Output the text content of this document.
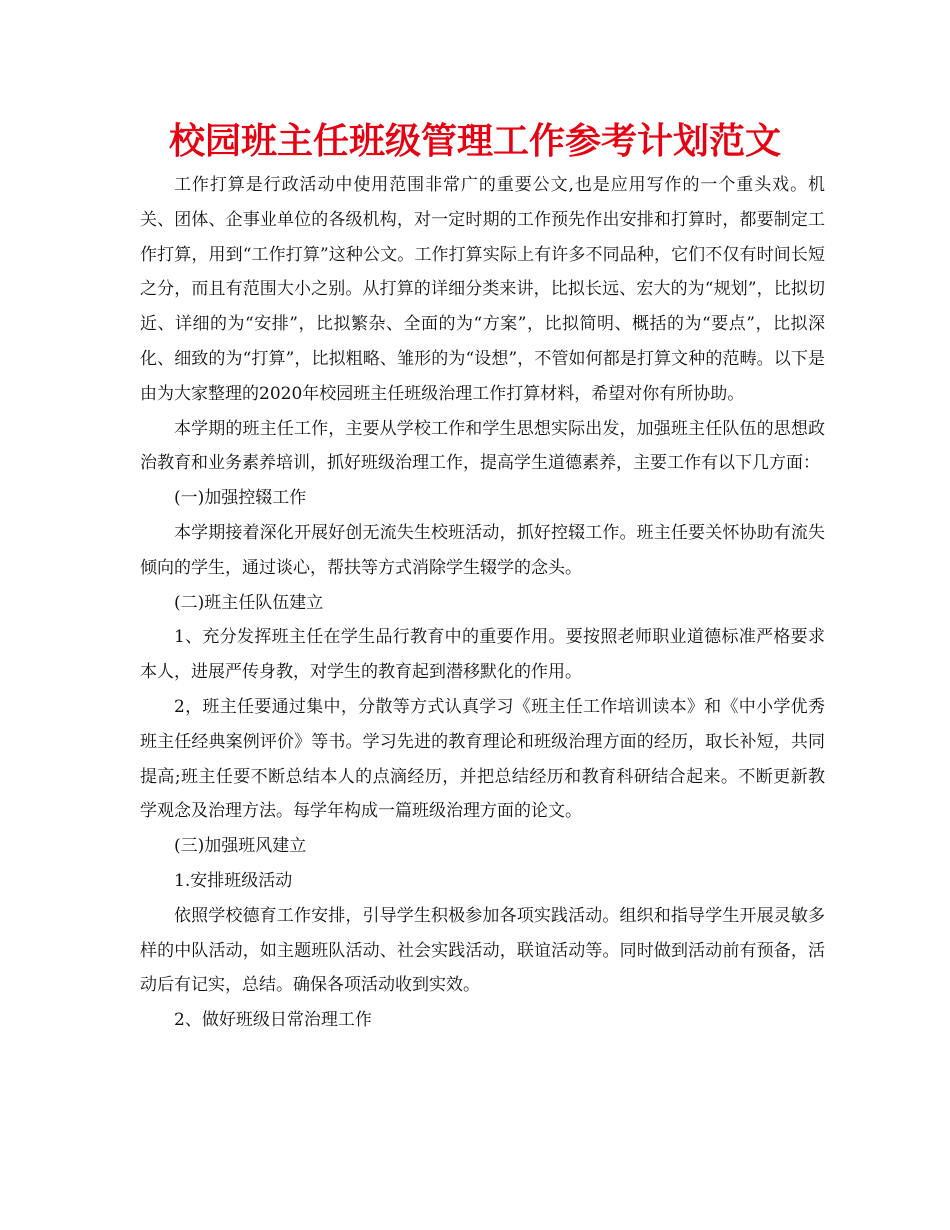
校园班主任班级管理工作参考计划范文

工作打算是行政活动中使用范围非常广的重要公文,也是应用写作的一个重头戏。机关、团体、企事业单位的各级机构，对一定时期的工作预先作出安排和打算时，都要制定工作打算，用到“工作打算”这种公文。工作打算实际上有许多不同品种，它们不仅有时间长短之分，而且有范围大小之别。从打算的详细分类来讲，比拟长远、宏大的为“规划”，比拟切近、详细的为“安排”，比拟繁杂、全面的为“方案”，比拟简明、概括的为“要点”，比拟深化、细致的为“打算”，比拟粗略、雏形的为“设想”，不管如何都是打算文种的范畴。以下是由为大家整理的2020年校园班主任班级治理工作打算材料，希望对你有所协助。

本学期的班主任工作，主要从学校工作和学生思想实际出发，加强班主任队伍的思想政治教育和业务素养培训，抓好班级治理工作，提高学生道德素养，主要工作有以下几方面：

(一)加强控辍工作

本学期接着深化开展好创无流失生校班活动，抓好控辍工作。班主任要关怀协助有流失倾向的学生，通过谈心，帮扶等方式消除学生辍学的念头。

(二)班主任队伍建立

1、充分发挥班主任在学生品行教育中的重要作用。要按照老师职业道德标准严格要求本人，进展严传身教，对学生的教育起到潜移默化的作用。

2，班主任要通过集中，分散等方式认真学习《班主任工作培训读本》和《中小学优秀班主任经典案例评价》等书。学习先进的教育理论和班级治理方面的经历，取长补短，共同提高;班主任要不断总结本人的点滴经历，并把总结经历和教育科研结合起来。不断更新教学观念及治理方法。每学年构成一篇班级治理方面的论文。

(三)加强班风建立

1.安排班级活动

依照学校德育工作安排，引导学生积极参加各项实践活动。组织和指导学生开展灵敏多样的中队活动，如主题班队活动、社会实践活动，联谊活动等。同时做到活动前有预备，活动后有记实，总结。确保各项活动收到实效。

2、做好班级日常治理工作
